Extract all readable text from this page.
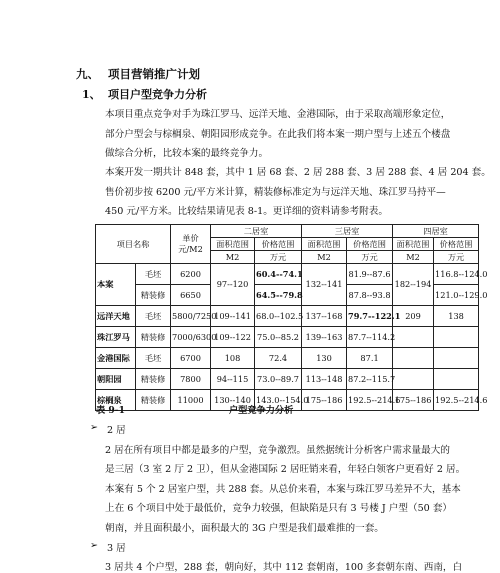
九、 项目营销推广计划
1、 项目户型竞争力分析
本项目重点竞争对手为珠江罗马、远洋天地、金港国际，由于采取高端形象定位，
部分户型会与棕榈泉、朝阳园形成竞争。在此我们将本案一期户型与上述五个楼盘
做综合分析，比较本案的最终竞争力。
本案开发一期共计 848 套，其中 1 居 68 套、2 居 288 套、3 居 288 套、4 居 204 套。
售价初步按 6200 元/平方米计算，精装修标准定为与远洋天地、珠江罗马持平—
450 元/平方米。比较结果请见表 8-1。更详细的资料请参考附表。
项目名称		单价
元/M2	二居室		三居室		四居室	
			面积范围	价格范围	面积范围	价格范围	面积范围	价格范围
			M2	万元	M2	万元	M2	万元
本案	毛坯	6200	97--120	60.4--74.1	132--141	81.9--87.6	182--194	116.8--124.0
	精装修	6650		64.5--79.8		87.8--93.8		121.0--129.0
远洋天地	毛坯	5800/7250	109--141	68.0--102.5	137--168	79.7--122.1	209	138
珠江罗马	精装修	7000/6300	109--122	75.0--85.2	139--163	87.7--114.2		
金港国际	毛坯	6700	108	72.4	130	87.1		
朝阳园	精装修	7800	94--115	73.0--89.7	113--148	87.2--115.7		
棕榈泉	精装修	11000	130--140	143.0--154.0	175--186	192.5--214.6	175--186	192.5--214.6
表 9-1	户型竞争力分析
➢ 2 居
2 居在所有项目中都是最多的户型，竞争激烈。虽然据统计分析客户需求量最大的
是三居（3 室 2 厅 2 卫），但从金港国际 2 居旺销来看，年轻白领客户更看好 2 居。
本案有 5 个 2 居室户型，共 288 套。从总价来看，本案与珠江罗马差异不大，基本
上在 6 个项目中处于最低价，竞争力较强，但缺陷是只有 3 号楼 J 户型（50 套）
朝南，并且面积最小，面积最大的 3G 户型是我们最难推的一套。
➢ 3 居
3 居共 4 个户型，288 套，朝向好，其中 112 套朝南，100 多套朝东南、西南，白
